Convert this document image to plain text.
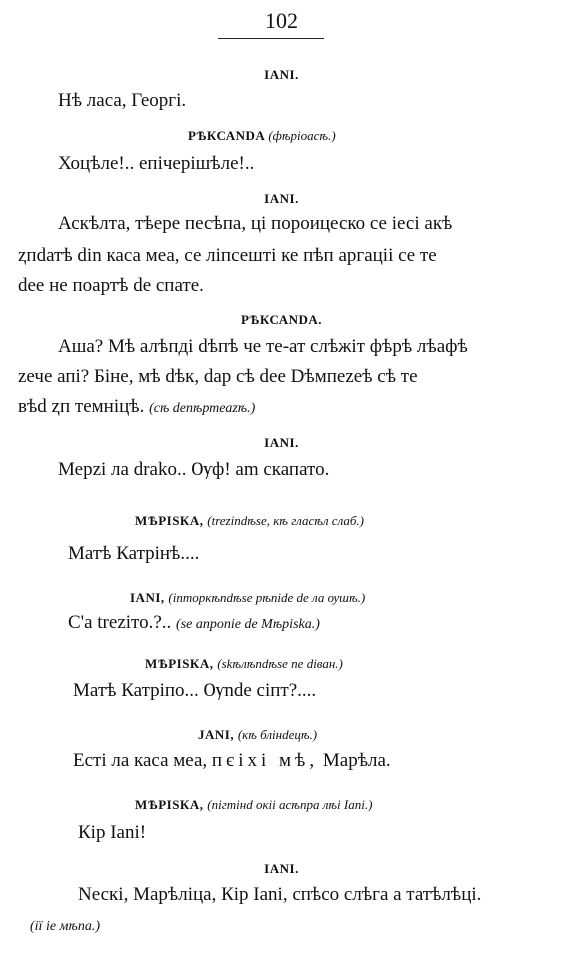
102
IANI.
Нѣ ласа, Георгі.
РѢКСАNDA (фѣріоасѣ.)
Хоцѣле!.. епічерішѣле!..
IANI.
Аскѣлта, тѣере песѣпа, ці пороицеско се іесі акѣ
ⱬпdатѣ din каса меа, се ліпсешті ке пѣп аргаціі се те
dee не поартѣ de спате.
РѢКСАNDA.
Аша? Мѣ алѣпді dѣпѣ че те-ат слѣжіт фѣрѣ лѣафѣ
zече апі? Біне, мѣ dѣк, dар сѣ dee Dѣмпеzеѣ сѣ те
вѣd ⱬп темніцѣ. (сѣ deпѣртеаzѣ.)
IANI.
Мерzі ла drako.. Ѹф! am скапато.
МѢРІSКА, (trezindѣse, кѣ гласѣл слаб.)
Матѣ Катрінѣ....
IANІ, (іпторкѣndѣse рѣпіde de ла ѹшѣ.)
С'а trezіто.?.. (se апропіе de Мѣріska.)
МѢРІSКА, (skѣлѣndѣse пе dіван.)
Матѣ Катріпо... Ѹnde сіпт?....
JANІ, (кѣ блінdeцѣ.)
Есті ла каса меа, пєіхі мѣ, Марѣла.
МѢРІSКА, (пігтінd окіі асѣпра лѣі Iani.)
Кір Iani!
IANI.
Nескі, Марѣліца, Кір Iani, спѣсо слѣга а татѣлѣці.
(ії іе мѣпа.)
